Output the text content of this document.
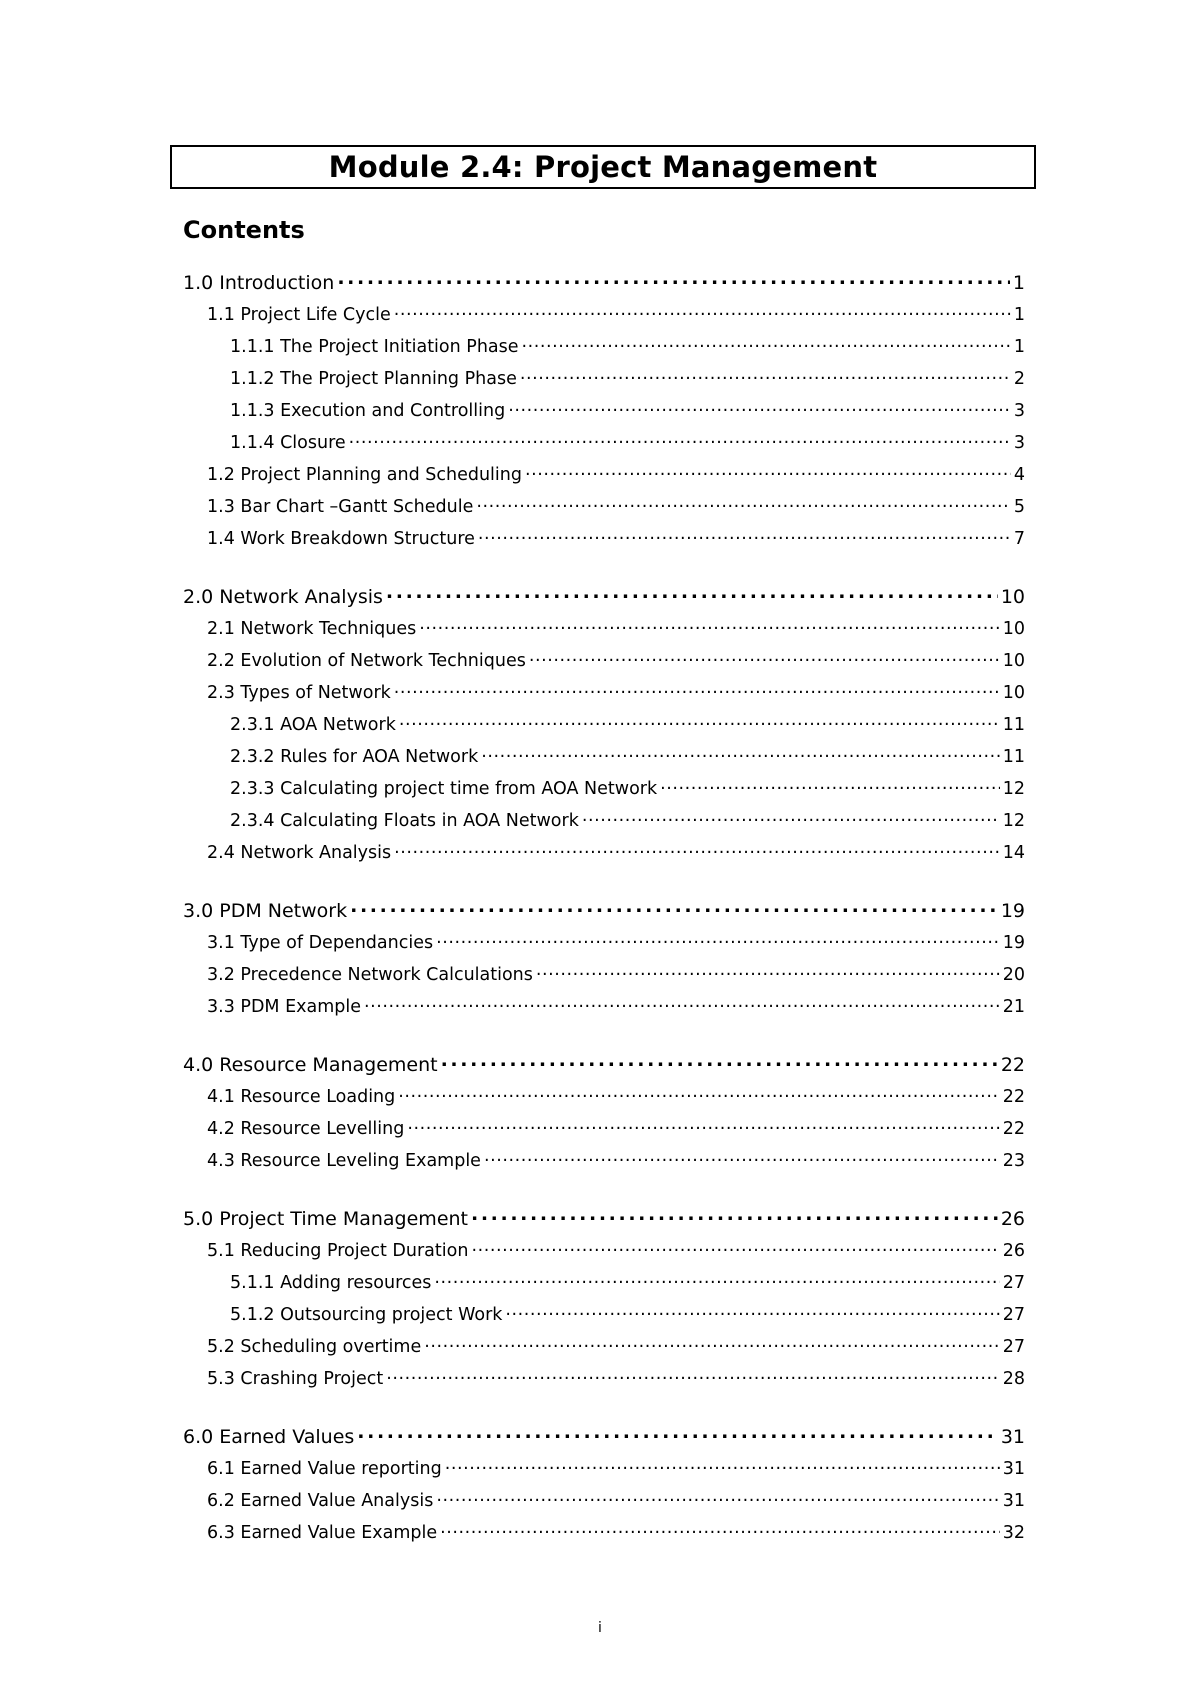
Module 2.4: Project Management
Contents
1.0 Introduction . . .	1
1.1 Project Life Cycle . . .	1
1.1.1 The Project Initiation Phase . . .	1
1.1.2 The Project Planning Phase . . .	2
1.1.3 Execution and Controlling . . .	3
1.1.4 Closure . . .	3
1.2 Project Planning and Scheduling . . .	4
1.3 Bar Chart –Gantt Schedule . . .	5
1.4 Work Breakdown Structure . . .	7
2.0 Network Analysis . . .	10
2.1 Network Techniques . . .	10
2.2 Evolution of Network Techniques . . .	10
2.3 Types of Network . . .	10
2.3.1 AOA Network . . .	11
2.3.2 Rules for AOA Network . . .	11
2.3.3 Calculating project time from AOA Network . . .	12
2.3.4 Calculating Floats in AOA Network . . .	12
2.4 Network Analysis . . .	14
3.0 PDM Network . . .	19
3.1 Type of Dependancies . . .	19
3.2 Precedence Network Calculations . . .	20
3.3 PDM Example . . .	21
4.0 Resource Management . . .	22
4.1 Resource Loading . . .	22
4.2 Resource Levelling . . .	22
4.3 Resource Leveling Example . . .	23
5.0 Project Time Management . . .	26
5.1 Reducing Project Duration . . .	26
5.1.1 Adding resources . . .	27
5.1.2 Outsourcing project Work . . .	27
5.2 Scheduling overtime . . .	27
5.3 Crashing Project . . .	28
6.0 Earned Values . . .	31
6.1 Earned Value reporting . . .	31
6.2 Earned Value Analysis . . .	31
6.3 Earned Value Example . . .	32
i
